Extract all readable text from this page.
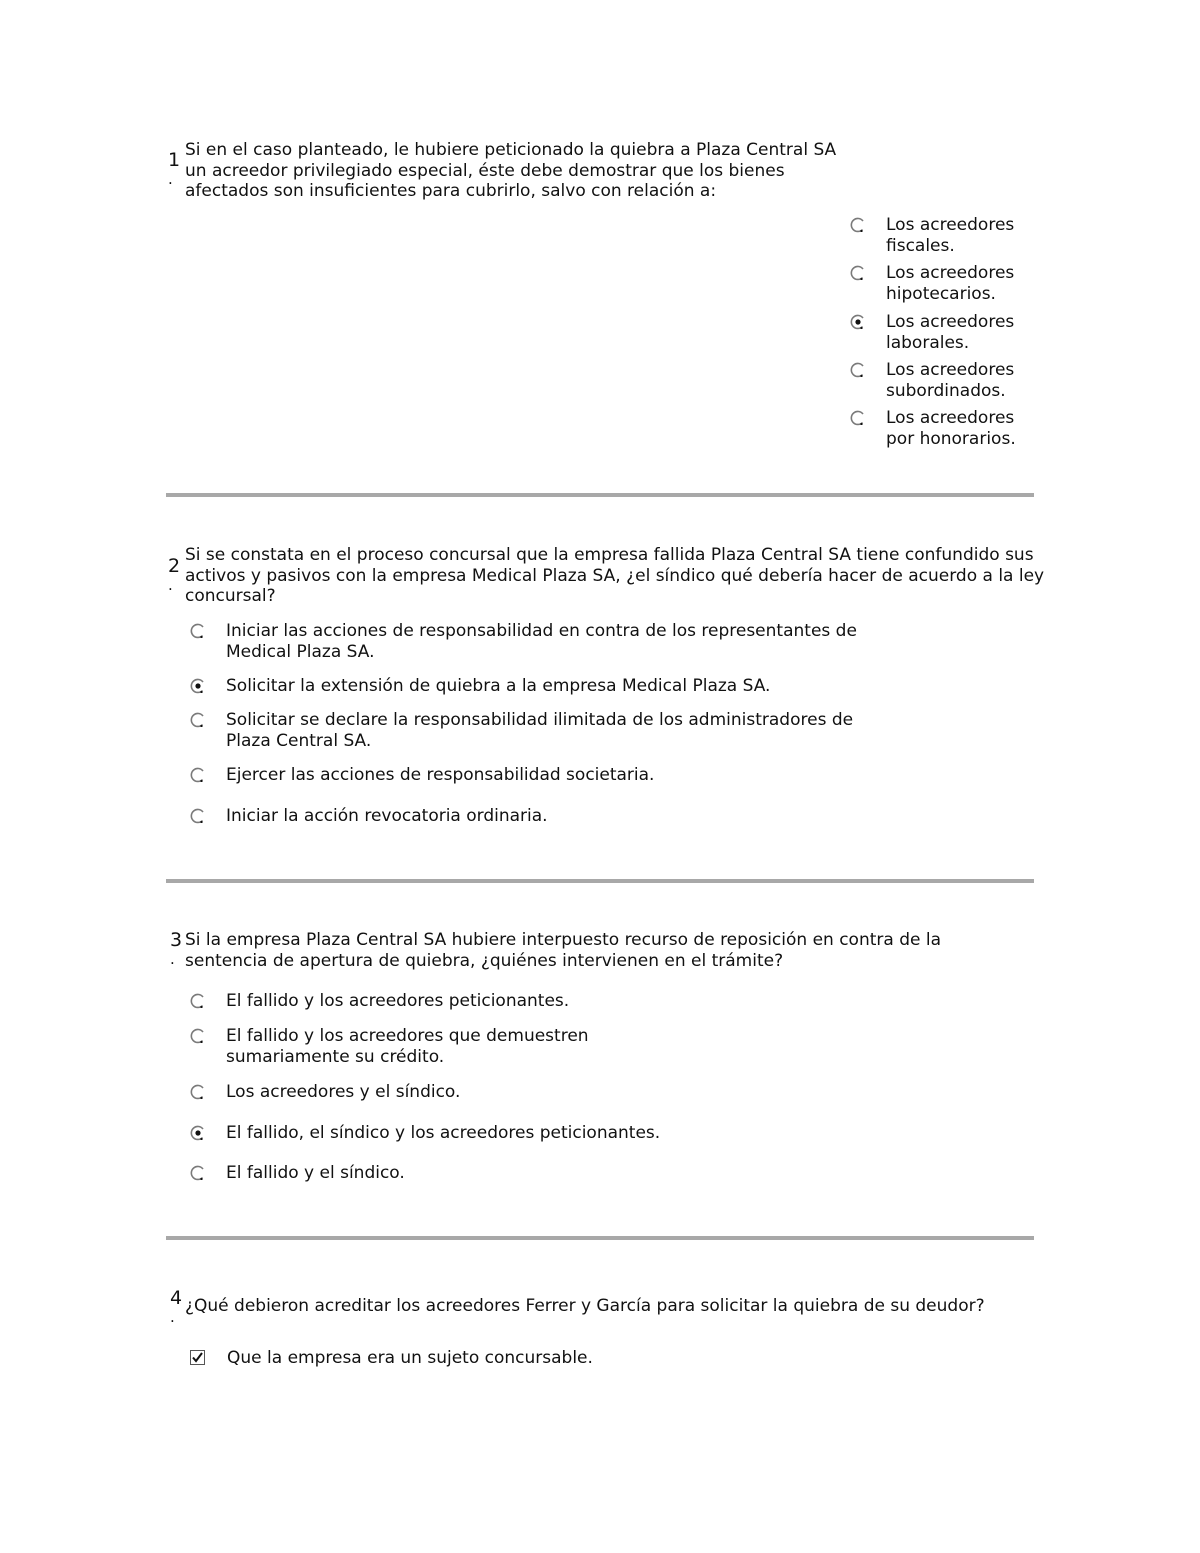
1
.
Si en el caso planteado, le hubiere peticionado la quiebra a Plaza Central SA un acreedor privilegiado especial, éste debe demostrar que los bienes afectados son insuficientes para cubrirlo, salvo con relación a:
Los acreedores fiscales.
Los acreedores hipotecarios.
Los acreedores laborales.
Los acreedores subordinados.
Los acreedores por honorarios.
2
.
Si se constata en el proceso concursal que la empresa fallida Plaza Central SA tiene confundido sus activos y pasivos con la empresa Medical Plaza SA, ¿el síndico qué debería hacer de acuerdo a la ley concursal?
Iniciar las acciones de responsabilidad en contra de los representantes de Medical Plaza SA.
Solicitar la extensión de quiebra a la empresa Medical Plaza SA.
Solicitar se declare la responsabilidad ilimitada de los administradores de Plaza Central SA.
Ejercer las acciones de responsabilidad societaria.
Iniciar la acción revocatoria ordinaria.
3
.
Si la empresa Plaza Central SA hubiere interpuesto recurso de reposición en contra de la sentencia de apertura de quiebra, ¿quiénes intervienen en el trámite?
El fallido y los acreedores peticionantes.
El fallido y los acreedores que demuestren sumariamente su crédito.
Los acreedores y el síndico.
El fallido, el síndico y los acreedores peticionantes.
El fallido y el síndico.
4
.
¿Qué debieron acreditar los acreedores Ferrer y García para solicitar la quiebra de su deudor?
Que la empresa era un sujeto concursable.
